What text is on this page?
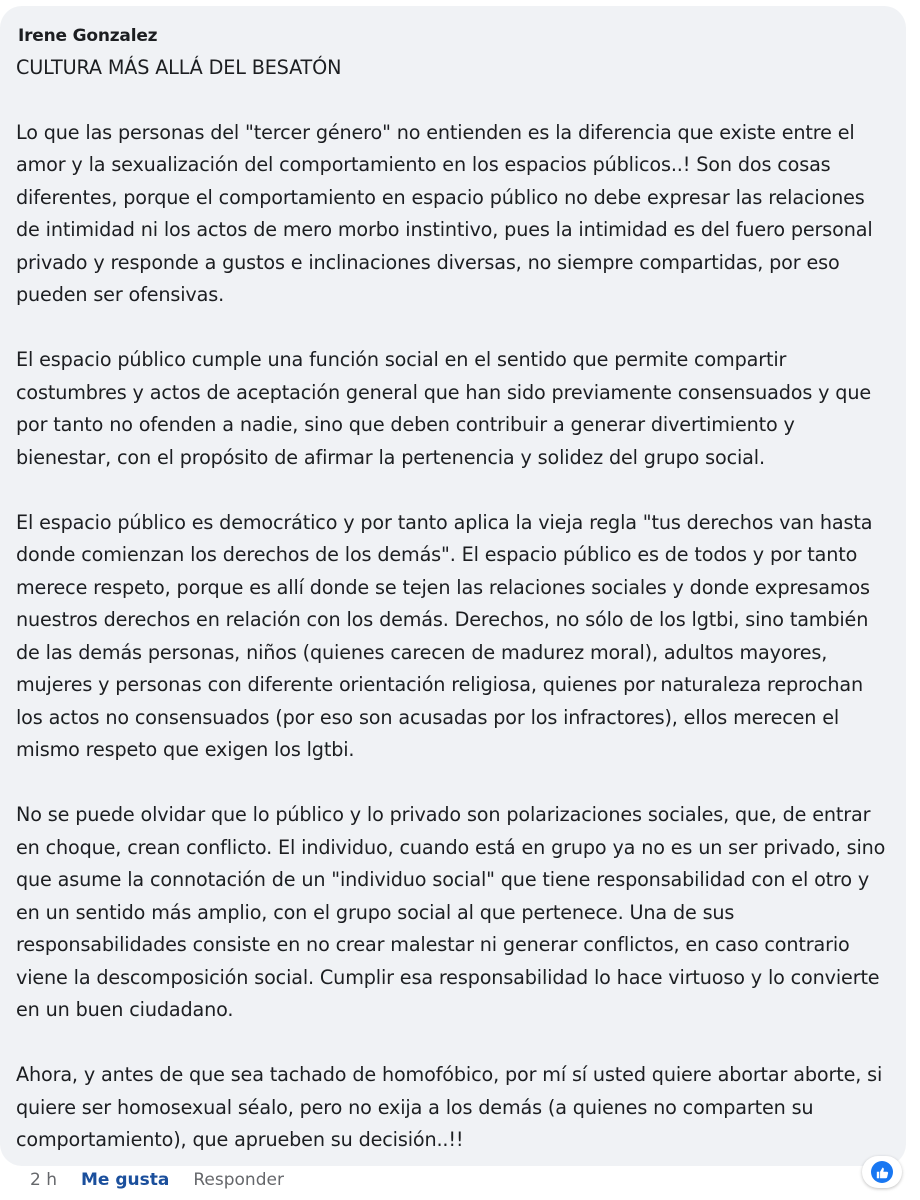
Irene Gonzalez
CULTURA MÁS ALLÁ DEL BESATÓN
Lo que las personas del "tercer género" no entienden es la diferencia que existe entre el amor y la sexualización del comportamiento en los espacios públicos..! Son dos cosas diferentes, porque el comportamiento en espacio público no debe expresar las relaciones de intimidad ni los actos de mero morbo instintivo, pues la intimidad es del fuero personal privado y responde a gustos e inclinaciones diversas, no siempre compartidas, por eso pueden ser ofensivas.
El espacio público cumple una función social en el sentido que permite compartir costumbres y actos de aceptación general que han sido previamente consensuados y que por tanto no ofenden a nadie, sino que deben contribuir a generar divertimiento y bienestar, con el propósito de afirmar la pertenencia y solidez del grupo social.
El espacio público es democrático y por tanto aplica la vieja regla "tus derechos van hasta donde comienzan los derechos de los demás". El espacio público es de todos y por tanto merece respeto, porque es allí donde se tejen las relaciones sociales y donde expresamos nuestros derechos en relación con los demás. Derechos, no sólo de los lgtbi, sino también de las demás personas, niños (quienes carecen de madurez moral), adultos mayores, mujeres y personas con diferente orientación religiosa, quienes por naturaleza reprochan los actos no consensuados (por eso son acusadas por los infractores), ellos merecen el mismo respeto que exigen los lgtbi.
No se puede olvidar que lo público y lo privado son polarizaciones sociales, que, de entrar en choque, crean conflicto. El individuo, cuando está en grupo ya no es un ser privado, sino que asume la connotación de un "individuo social" que tiene responsabilidad con el otro y en un sentido más amplio, con el grupo social al que pertenece. Una de sus responsabilidades consiste en no crear malestar ni generar conflictos, en caso contrario viene la descomposición social. Cumplir esa responsabilidad lo hace virtuoso y lo convierte en un buen ciudadano.
Ahora, y antes de que sea tachado de homofóbico, por mí sí usted quiere abortar aborte, si quiere ser homosexual séalo, pero no exija a los demás (a quienes no comparten su comportamiento), que aprueben su decisión..!!
2 h Me gusta Responder
